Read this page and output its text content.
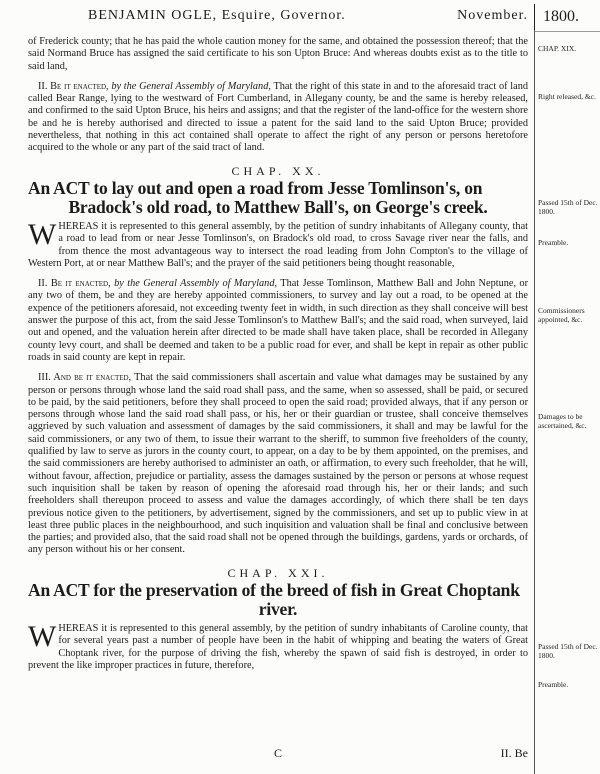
BENJAMIN OGLE, Esquire, Governor.	November. 1800.

of Frederick county; that he has paid the whole caution money for the same, and obtained the possession thereof; that the said Normand Bruce has assigned the said certificate to his son Upton Bruce: And whereas doubts exist as to the title to said land,

II. Be it enacted, by the General Assembly of Maryland, That the right of this state in and to the aforesaid tract of land called Bear Range, lying to the westward of Fort Cumberland, in Allegany county, be and the same is hereby released, and confirmed to the said Upton Bruce, his heirs and assigns; and that the register of the land-office for the western shore be and he is hereby authorised and directed to issue a patent for the said land to the said Upton Bruce; provided nevertheless, that nothing in this act contained shall operate to affect the right of any person or persons heretofore acquired to the whole or any part of the said tract of land.

CHAP. XX.
An ACT to lay out and open a road from Jesse Tomlinson's, on
Bradock's old road, to Matthew Ball's, on George's creek.

WHEREAS it is represented to this general assembly, by the petition of sundry inhabitants of Allegany county, that a road to lead from or near Jesse Tomlinson's, on Bradock's old road, to cross Savage river near the falls, and from thence the most advantageous way to intersect the road leading from John Compton's to the village of Western Port, at or near Matthew Ball's; and the prayer of the said petitioners being thought reasonable,

II. Be it enacted, by the General Assembly of Maryland, That Jesse Tomlinson, Matthew Ball and John Neptune, or any two of them, be and they are hereby appointed commissioners, to survey and lay out a road, to be opened at the expence of the petitioners aforesaid, not exceeding twenty feet in width, in such direction as they shall conceive will best answer the purpose of this act, from the said Jesse Tomlinson's to Matthew Ball's; and the said road, when surveyed, laid out and opened, and the valuation herein after directed to be made shall have taken place, shall be recorded in Allegany county levy court, and shall be deemed and taken to be a public road for ever, and shall be kept in repair as other public roads in said county are kept in repair.

III. And be it enacted, That the said commissioners shall ascertain and value what damages may be sustained by any person or persons through whose land the said road shall pass, and the same, when so assessed, shall be paid, or secured to be paid, by the said petitioners, before they shall proceed to open the said road; provided always, that if any person or persons through whose land the said road shall pass, or his, her or their guardian or trustee, shall conceive themselves aggrieved by such valuation and assessment of damages by the said commissioners, it shall and may be lawful for the said commissioners, or any two of them, to issue their warrant to the sheriff, to summon five freeholders of the county, qualified by law to serve as jurors in the county court, to appear, on a day to be by them appointed, on the premises, and the said commissioners are hereby authorised to administer an oath, or affirmation, to every such freeholder, that he will, without favour, affection, prejudice or partiality, assess the damages sustained by the person or persons at whose request such inquisition shall be taken by reason of opening the aforesaid road through his, her or their lands; and such freeholders shall thereupon proceed to assess and value the damages accordingly, of which there shall be ten days previous notice given to the petitioners, by advertisement, signed by the commissioners, and set up to public view in at least three public places in the neighbourhood, and such inquisition and valuation shall be final and conclusive between the parties; and provided also, that the said road shall not be opened through the buildings, gardens, yards or orchards, of any person without his or her consent.

CHAP. XXI.
An ACT for the preservation of the breed of fish in Great Choptank
river.

WHEREAS it is represented to this general assembly, by the petition of sundry inhabitants of Caroline county, that for several years past a number of people have been in the habit of whipping and beating the waters of Great Choptank river, for the purpose of driving the fish, whereby the spawn of said fish is destroyed, in order to prevent the like improper practices in future, therefore,

CHAP. XIX.
Right released, &c.
Passed 15th of Dec. 1800.
Preamble.
Commissioners appointed, &c.
Damages to be ascertained, &c.
Passed 15th of Dec. 1800.
Preamble.
C	II. Be
